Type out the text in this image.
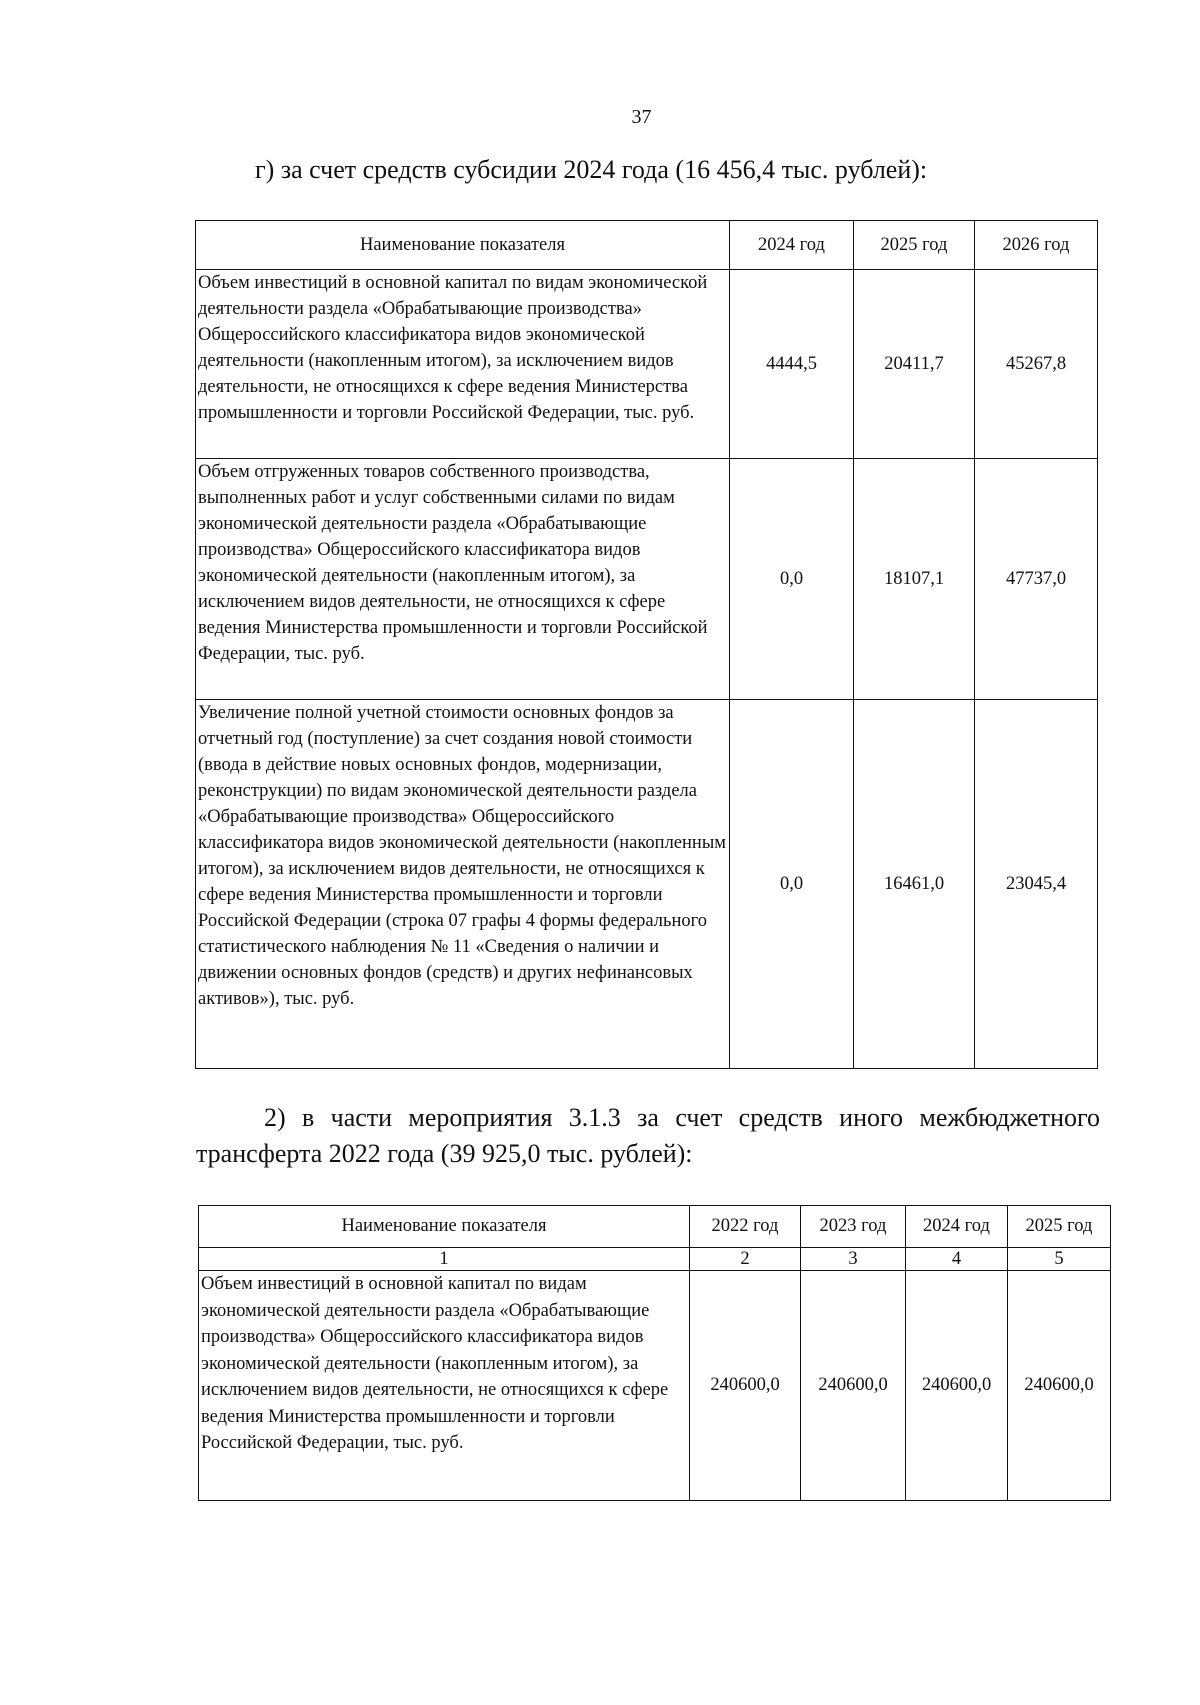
37
г) за счет средств субсидии 2024 года (16 456,4 тыс. рублей):
Наименование показателя	2024 год	2025 год	2026 год
Объем инвестиций в основной капитал по видам экономической деятельности раздела «Обрабатывающие производства» Общероссийского классификатора видов экономической деятельности (накопленным итогом), за исключением видов деятельности, не относящихся к сфере ведения Министерства промышленности и торговли Российской Федерации, тыс. руб.	4444,5	20411,7	45267,8
Объем отгруженных товаров собственного производства, выполненных работ и услуг собственными силами по видам экономической деятельности раздела «Обрабатывающие производства» Общероссийского классификатора видов экономической деятельности (накопленным итогом), за исключением видов деятельности, не относящихся к сфере ведения Министерства промышленности и торговли Российской Федерации, тыс. руб.	0,0	18107,1	47737,0
Увеличение полной учетной стоимости основных фондов за отчетный год (поступление) за счет создания новой стоимости (ввода в действие новых основных фондов, модернизации, реконструкции) по видам экономической деятельности раздела «Обрабатывающие производства» Общероссийского классификатора видов экономической деятельности (накопленным итогом), за исключением видов деятельности, не относящихся к сфере ведения Министерства промышленности и торговли Российской Федерации (строка 07 графы 4 формы федерального статистического наблюдения № 11 «Сведения о наличии и движении основных фондов (средств) и других нефинансовых активов»), тыс. руб.	0,0	16461,0	23045,4
2) в части мероприятия 3.1.3 за счет средств иного межбюджетного трансферта 2022 года (39 925,0 тыс. рублей):
Наименование показателя	2022 год	2023 год	2024 год	2025 год
1	2	3	4	5
Объем инвестиций в основной капитал по видам экономической деятельности раздела «Обрабатывающие производства» Общероссийского классификатора видов экономической деятельности (накопленным итогом), за исключением видов деятельности, не относящихся к сфере ведения Министерства промышленности и торговли Российской Федерации, тыс. руб.	240600,0	240600,0	240600,0	240600,0
